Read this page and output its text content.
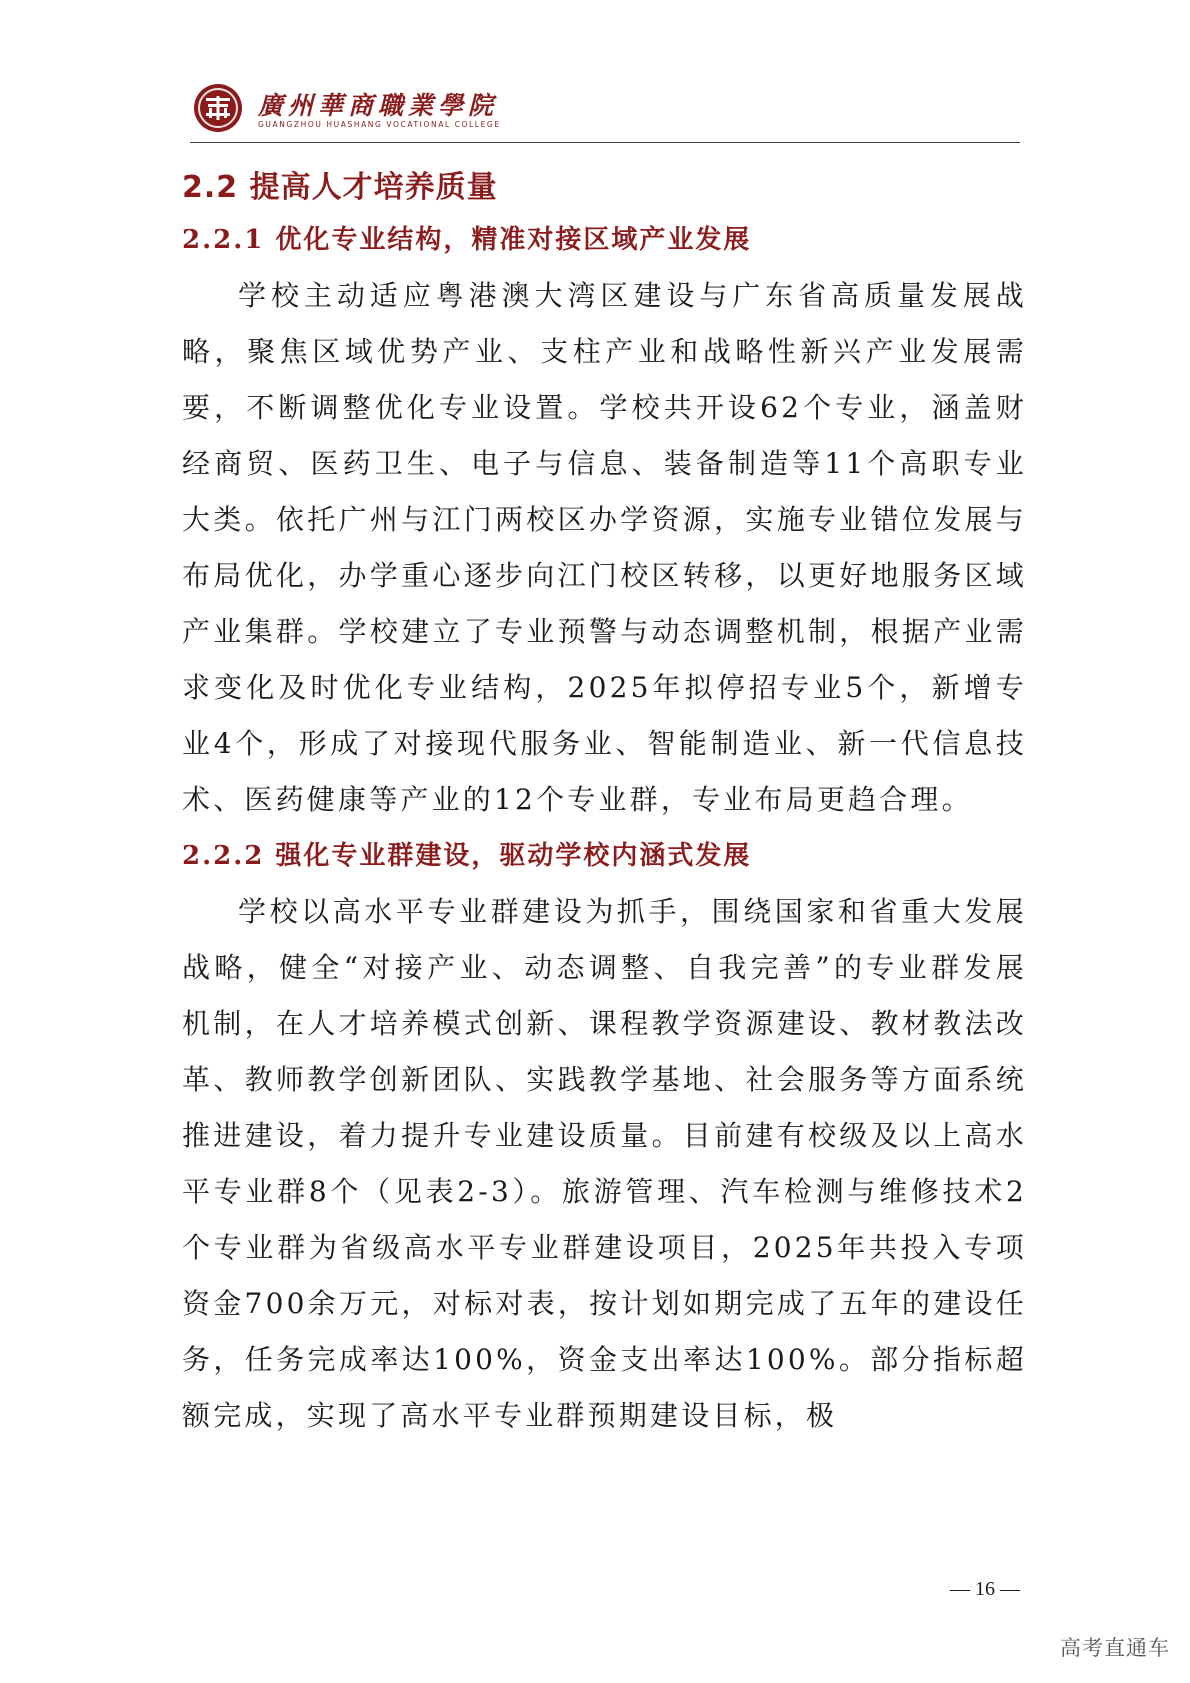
廣州華商職業學院
GUANGZHOU HUASHANG VOCATIONAL COLLEGE
2.2 提高人才培养质量
2.2.1 优化专业结构，精准对接区域产业发展

学校主动适应粤港澳大湾区建设与广东省高质量发展战略，聚焦区域优势产业、支柱产业和战略性新兴产业发展需要，不断调整优化专业设置。学校共开设62个专业，涵盖财经商贸、医药卫生、电子与信息、装备制造等11个高职专业大类。依托广州与江门两校区办学资源，实施专业错位发展与布局优化，办学重心逐步向江门校区转移，以更好地服务区域产业集群。学校建立了专业预警与动态调整机制，根据产业需求变化及时优化专业结构，2025年拟停招专业5个，新增专业4个，形成了对接现代服务业、智能制造业、新一代信息技术、医药健康等产业的12个专业群，专业布局更趋合理。

2.2.2 强化专业群建设，驱动学校内涵式发展

学校以高水平专业群建设为抓手，围绕国家和省重大发展战略，健全“对接产业、动态调整、自我完善”的专业群发展机制，在人才培养模式创新、课程教学资源建设、教材教法改革、教师教学创新团队、实践教学基地、社会服务等方面系统推进建设，着力提升专业建设质量。目前建有校级及以上高水平专业群8个（见表2-3）。旅游管理、汽车检测与维修技术2个专业群为省级高水平专业群建设项目，2025年共投入专项资金700余万元，对标对表，按计划如期完成了五年的建设任务，任务完成率达100%，资金支出率达100%。部分指标超额完成，实现了高水平专业群预期建设目标，极

— 16 —
高考直通车
